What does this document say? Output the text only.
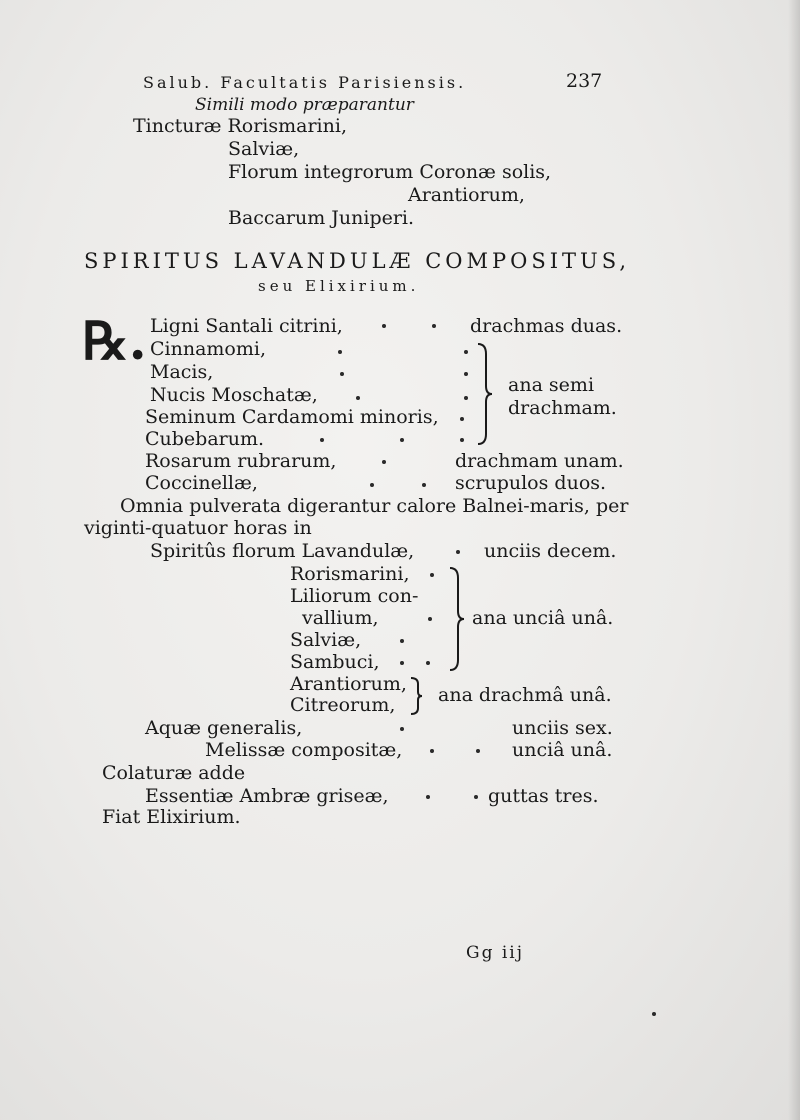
Salub. Facultatis Parisiensis.	237
Simili modo præparantur
Tincturæ Rorismarini,
Salviæ,
Florum integrorum Coronæ solis,
Arantiorum,
Baccarum Juniperi.
SPIRITUS LAVANDULÆ COMPOSITUS,
seu Elixirium.
℞. Ligni Santali citrini,	drachmas duas.
Cinnamomi,
Macis,
Nucis Moschatæ,
Seminum Cardamomi minoris,
Cubebarum.
ana semi
drachmam.
Rosarum rubrarum,	drachmam unam.
Coccinellæ,	scrupulos duos.
Omnia pulverata digerantur calore Balnei-maris, per
viginti-quatuor horas in
Spiritûs florum Lavandulæ,	unciis decem.
Rorismarini,
Liliorum con-
vallium,
Salviæ,
Sambuci,
ana unciâ unâ.
Arantiorum,
Citreorum, ana drachmâ unâ.
Aquæ generalis,	unciis sex.
Melissæ compositæ,	unciâ unâ.
Colaturæ adde
Essentiæ Ambræ griseæ,	guttas tres.
Fiat Elixirium.
Gg iij
